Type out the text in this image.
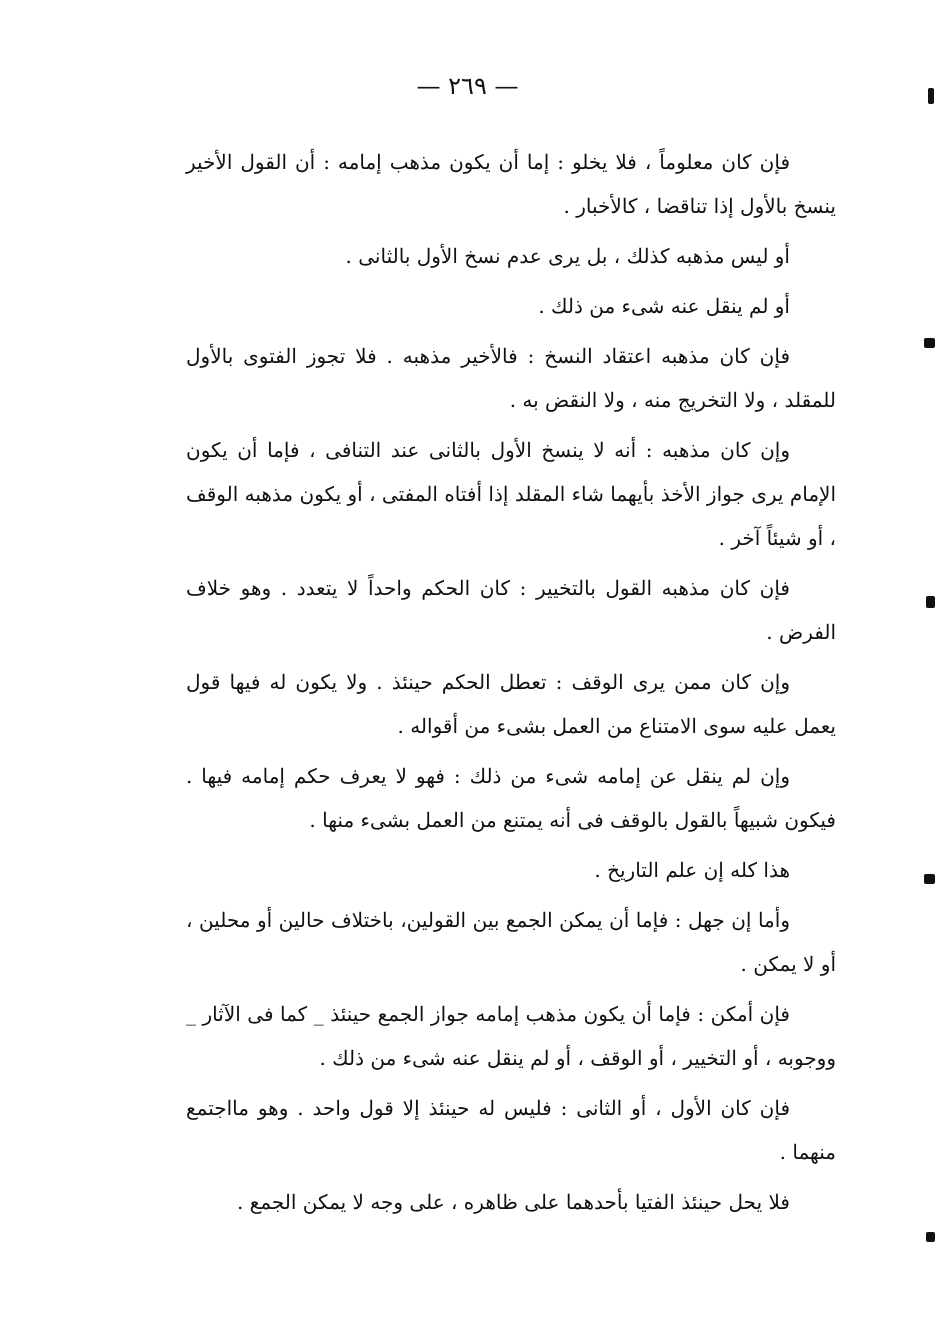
— ٢٦٩ —

فإن كان معلوماً ، فلا يخلو : إما أن يكون مذهب إمامه : أن القول الأخير ينسخ بالأول إذا تناقضا ، كالأخبار .

أو ليس مذهبه كذلك ، بل يرى عدم نسخ الأول بالثانى .

أو لم ينقل عنه شىء من ذلك .

فإن كان مذهبه اعتقاد النسخ : فالأخير مذهبه . فلا تجوز الفتوى بالأول للمقلد ، ولا التخريج منه ، ولا النقض به .

وإن كان مذهبه : أنه لا ينسخ الأول بالثانى عند التنافى ، فإما أن يكون الإمام يرى جواز الأخذ بأيهما شاء المقلد إذا أفتاه المفتى ، أو يكون مذهبه الوقف ، أو شيئاً آخر .

فإن كان مذهبه القول بالتخيير : كان الحكم واحداً لا يتعدد . وهو خلاف الفرض .

وإن كان ممن يرى الوقف : تعطل الحكم حينئذ . ولا يكون له فيها قول يعمل عليه سوى الامتناع من العمل بشىء من أقواله .

وإن لم ينقل عن إمامه شىء من ذلك : فهو لا يعرف حكم إمامه فيها . فيكون شبيهاً بالقول بالوقف فى أنه يمتنع من العمل بشىء منها .

هذا كله إن علم التاريخ .

وأما إن جهل : فإما أن يمكن الجمع بين القولين، باختلاف حالين أو محلين ، أو لا يمكن .

فإن أمكن : فإما أن يكون مذهب إمامه جواز الجمع حينئذ _ كما فى الآثار _ ووجوبه ، أو التخيير ، أو الوقف ، أو لم ينقل عنه شىء من ذلك .

فإن كان الأول ، أو الثانى : فليس له حينئذ إلا قول واحد . وهو مااجتمع منهما .

فلا يحل حينئذ الفتيا بأحدهما على ظاهره ، على وجه لا يمكن الجمع .
